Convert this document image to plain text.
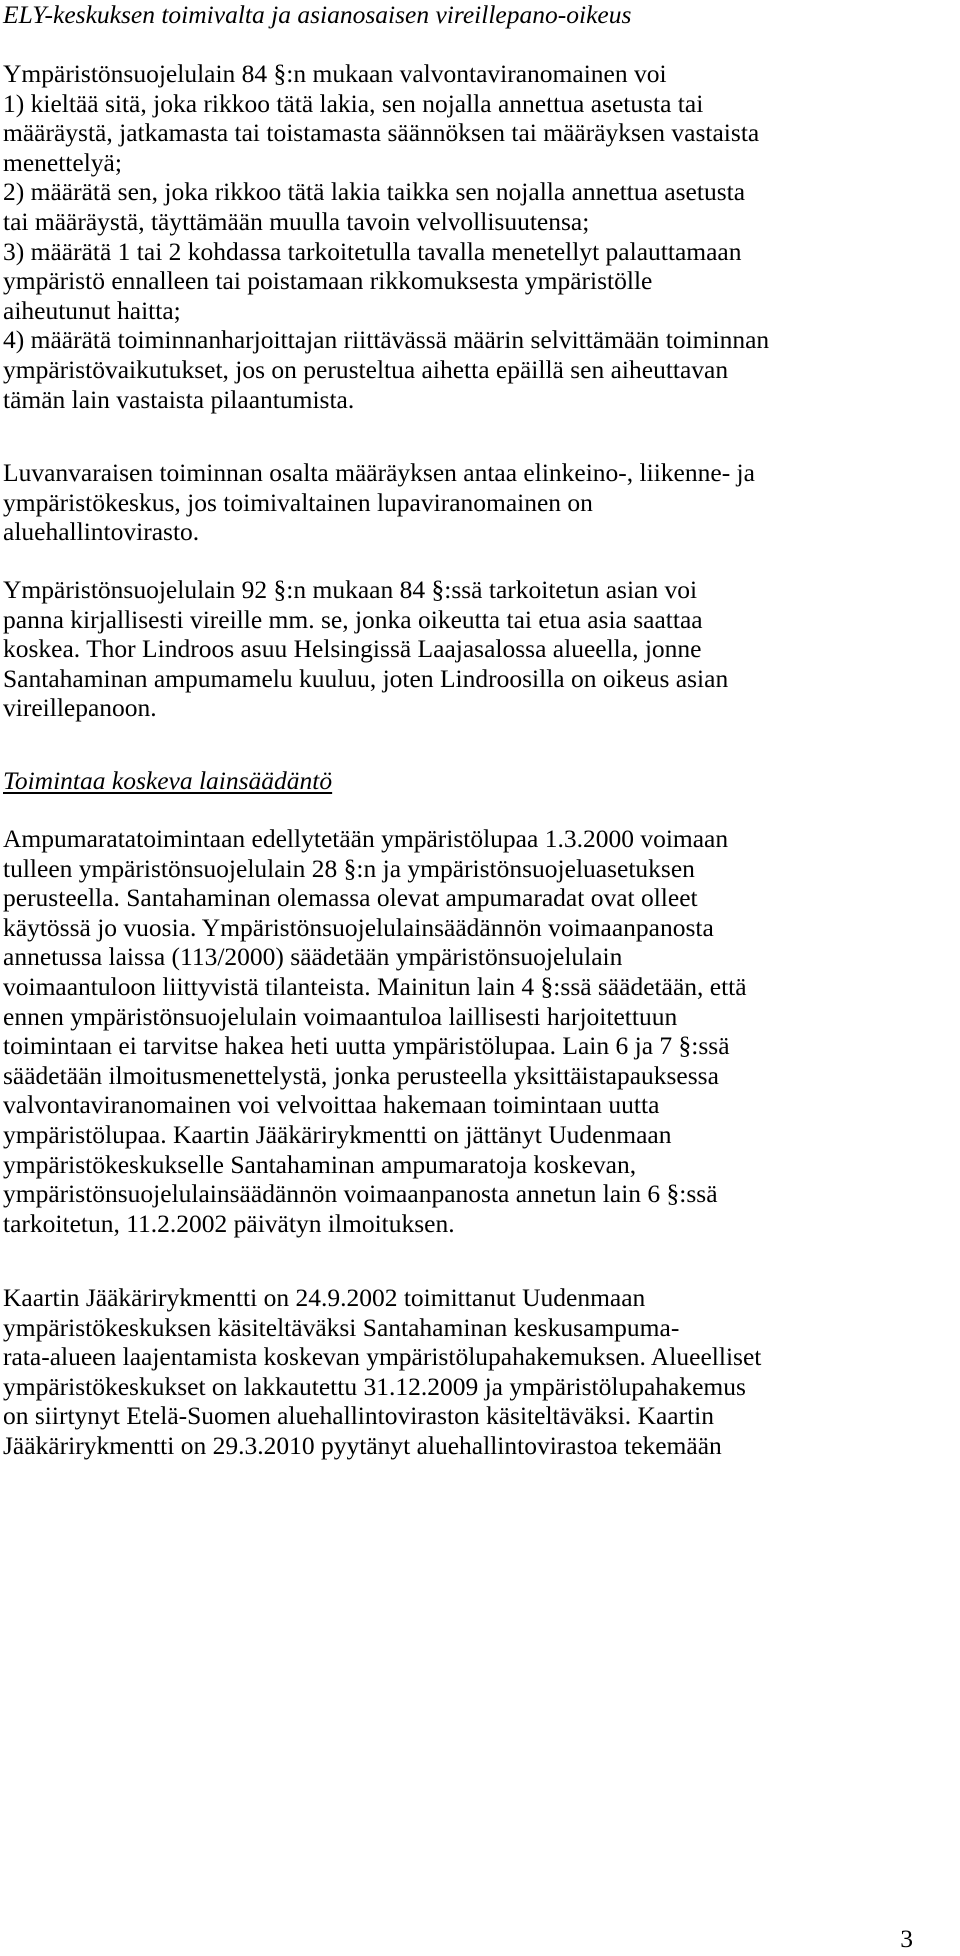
ELY-keskuksen toimivalta ja asianosaisen vireillepano-oikeus

Ympäristönsuojelulain 84 §:n mukaan valvontaviranomainen voi

1) kieltää sitä, joka rikkoo tätä lakia, sen nojalla annettua asetusta tai

määräystä, jatkamasta tai toistamasta säännöksen tai määräyksen vastaista

menettelyä;

2) määrätä sen, joka rikkoo tätä lakia taikka sen nojalla annettua asetusta

tai määräystä, täyttämään muulla tavoin velvollisuutensa;

3) määrätä 1 tai 2 kohdassa tarkoitetulla tavalla menetellyt palauttamaan

ympäristö ennalleen tai poistamaan rikkomuksesta ympäristölle

aiheutunut haitta;

4) määrätä toiminnanharjoittajan riittävässä määrin selvittämään toiminnan

ympäristövaikutukset, jos on perusteltua aihetta epäillä sen aiheuttavan

tämän lain vastaista pilaantumista.

Luvanvaraisen toiminnan osalta määräyksen antaa elinkeino-, liikenne- ja

ympäristökeskus, jos toimivaltainen lupaviranomainen on

aluehallintovirasto.

Ympäristönsuojelulain 92 §:n mukaan 84 §:ssä tarkoitetun asian voi

panna kirjallisesti vireille mm. se, jonka oikeutta tai etua asia saattaa

koskea. Thor Lindroos asuu Helsingissä Laajasalossa alueella, jonne

Santahaminan ampumamelu kuuluu, joten Lindroosilla on oikeus asian

vireillepanoon.

Toimintaa koskeva lainsäädäntö

Ampumaratatoimintaan edellytetään ympäristölupaa 1.3.2000 voimaan

tulleen ympäristönsuojelulain 28 §:n ja ympäristönsuojeluasetuksen

perusteella. Santahaminan olemassa olevat ampumaradat ovat olleet

käytössä jo vuosia. Ympäristönsuojelulainsäädännön voimaanpanosta

annetussa laissa (113/2000) säädetään ympäristönsuojelulain

voimaantuloon liittyvistä tilanteista. Mainitun lain 4 §:ssä säädetään, että

ennen ympäristönsuojelulain voimaantuloa laillisesti harjoitettuun

toimintaan ei tarvitse hakea heti uutta ympäristölupaa. Lain 6 ja 7 §:ssä

säädetään ilmoitusmenettelystä, jonka perusteella yksittäistapauksessa

valvontaviranomainen voi velvoittaa hakemaan toimintaan uutta

ympäristölupaa. Kaartin Jääkärirykmentti on jättänyt Uudenmaan

ympäristökeskukselle Santahaminan ampumaratoja koskevan,

ympäristönsuojelulainsäädännön voimaanpanosta annetun lain 6 §:ssä

tarkoitetun, 11.2.2002 päivätyn ilmoituksen.

Kaartin Jääkärirykmentti on 24.9.2002 toimittanut Uudenmaan

ympäristökeskuksen käsiteltäväksi Santahaminan keskusampuma-

rata-alueen laajentamista koskevan ympäristölupahakemuksen. Alueelliset

ympäristökeskukset on lakkautettu 31.12.2009 ja ympäristölupahakemus

on siirtynyt Etelä-Suomen aluehallintoviraston käsiteltäväksi. Kaartin

Jääkärirykmentti on 29.3.2010 pyytänyt aluehallintovirastoa tekemään

3
